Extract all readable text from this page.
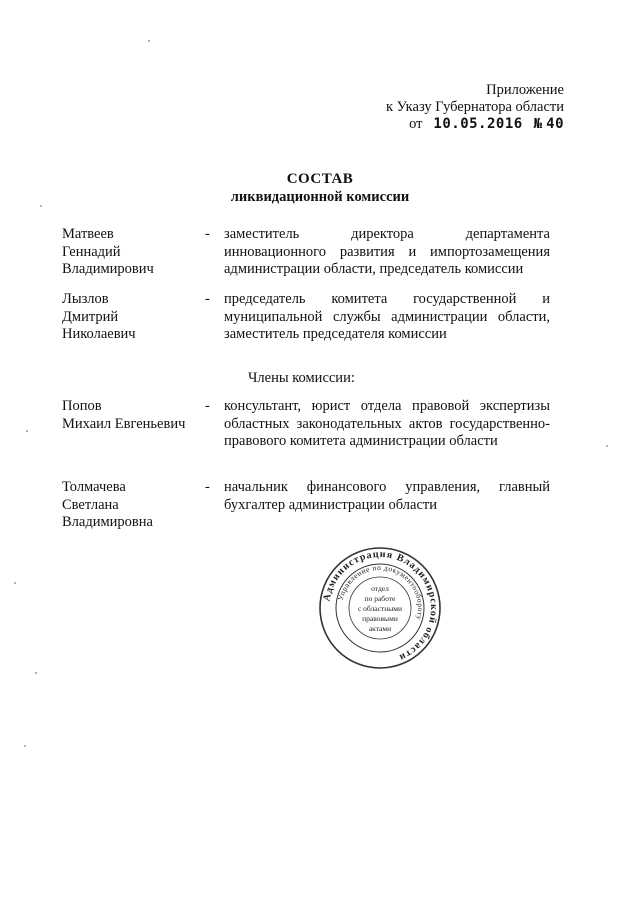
Приложение
к Указу Губернатора области
от 10.05.2016 № 40
СОСТАВ
ликвидационной комиссии
Матвеев
Геннадий
Владимирович
- заместитель директора департамента инновационного развития и импортозамещения администрации области, председатель комиссии
Лызлов
Дмитрий
Николаевич
- председатель комитета государственной и муниципальной службы администрации области, заместитель председателя комиссии
Члены комиссии:
Попов
Михаил Евгеньевич
- консультант, юрист отдела правовой экспертизы областных законодательных актов государственно-правового комитета администрации области
Толмачева
Светлана
Владимировна
- начальник финансового управления, главный бухгалтер администрации области
Администрация Владимирской области
Управление по документообороту
отдел
по работе
с областными
правовыми
актами
